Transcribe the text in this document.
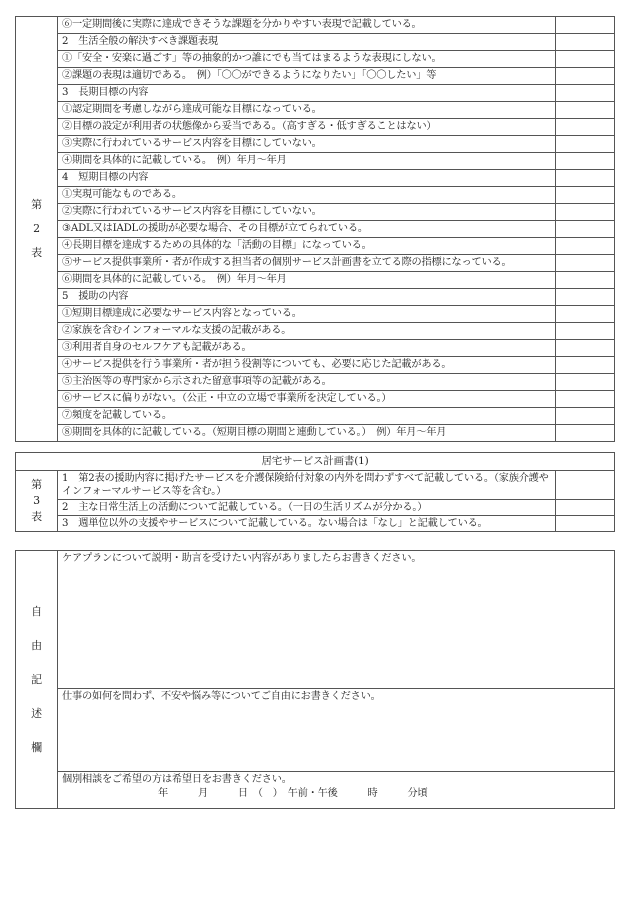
第
2
表	⑥一定期間後に実際に達成できそうな課題を分かりやすい表現で記載している。	
	2　生活全般の解決すべき課題表現	
	①「安全・安楽に過ごす」等の抽象的かつ誰にでも当てはまるような表現にしない。	
	②課題の表現は適切である。　例）「〇〇ができるようになりたい」「〇〇したい」等	
	3　長期目標の内容	
	①認定期間を考慮しながら達成可能な目標になっている。	
	②目標の設定が利用者の状態像から妥当である。（高すぎる・低すぎることはない）	
	③実際に行われているサービス内容を目標にしていない。	
	④期間を具体的に記載している。　例）年月～年月	
	4　短期目標の内容	
	①実現可能なものである。	
	②実際に行われているサービス内容を目標にしていない。	
	③ADL又はIADLの援助が必要な場合、その目標が立てられている。	
	④長期目標を達成するための具体的な「活動の目標」になっている。	
	⑤サービス提供事業所・者が作成する担当者の個別サービス計画書を立てる際の指標になっている。	
	⑥期間を具体的に記載している。　例）年月～年月	
	5　援助の内容	
	①短期目標達成に必要なサービス内容となっている。	
	②家族を含むインフォーマルな支援の記載がある。	
	③利用者自身のセルフケアも記載がある。	
	④サービス提供を行う事業所・者が担う役割等についても、必要に応じた記載がある。	
	⑤主治医等の専門家から示された留意事項等の記載がある。	
	⑥サービスに偏りがない。（公正・中立の立場で事業所を決定している。）	
	⑦頻度を記載している。	
	⑧期間を具体的に記載している。（短期目標の期間と連動している。）　例）年月～年月	
居宅サービス計画書(1)		

第
3
表	1　第2表の援助内容に掲げたサービスを介護保険給付対象の内外を問わずすべて記載している。（家族介護やインフォーマルサービス等を含む。）	
	2　主な日常生活上の活動について記載している。（一日の生活リズムが分かる。）	
	3　週単位以外の支援やサービスについて記載している。ない場合は「なし」と記載している。	
自
由
記
述
欄
	ケアプランについて説明・助言を受けたい内容がありましたらお書きください。
仕事の如何を問わず、不安や悩み等についてご自由にお書きください。
個別相談をご希望の方は希望日をお書きください。
年　　　月　　　日　（　）　午前・午後　　　時　　　分頃
